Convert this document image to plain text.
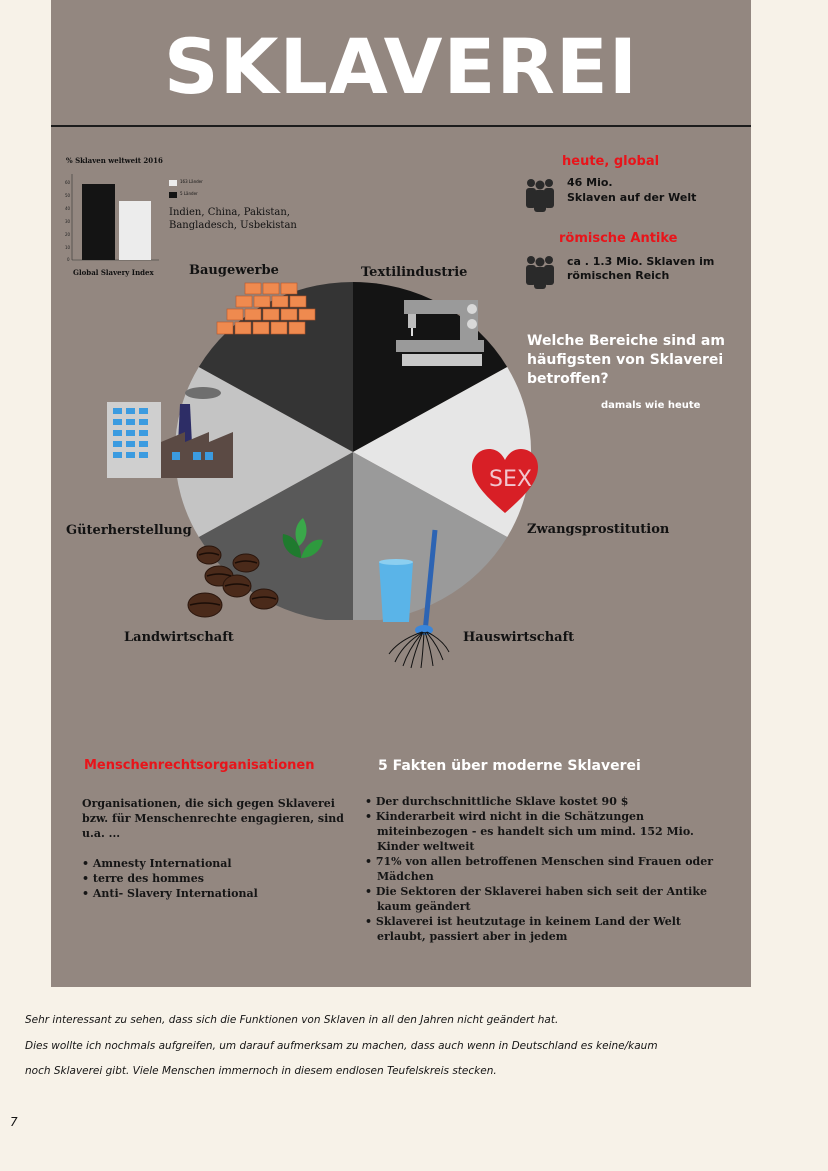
SKLAVEREI
% Sklaven weltweit 2016
0
10
20
30
40
50
60	163 Länder
5 Länder
Indien, China, Pakistan,
Bangladesch, Usbekistan
Global Slavery Index
heute, global
46 Mio.
Sklaven auf der Welt
römische Antike
ca . 1.3 Mio. Sklaven im
römischen Reich
Welche Bereiche sind am
häufigsten von Sklaverei
betroffen?
damals wie heute
SEX
Baugewerbe	Textilindustrie
Zwangsprostitution
Hauswirtschaft
Landwirtschaft
Güterherstellung
Menschenrechtsorganisationen
Organisationen, die sich gegen Sklaverei
bzw. für Menschenrechte engagieren, sind
u.a. ...
• Amnesty International
• terre des hommes
• Anti- Slavery International
5 Fakten über moderne Sklaverei
• Der durchschnittliche Sklave kostet 90 $
• Kinderarbeit wird nicht in die Schätzungen miteinbezogen - es handelt sich um mind. 152 Mio. Kinder weltweit
• 71% von allen betroffenen Menschen sind Frauen oder Mädchen
• Die Sektoren der Sklaverei haben sich seit der Antike kaum geändert
• Sklaverei ist heutzutage in keinem Land der Welt erlaubt, passiert aber in jedem
Sehr interessant zu sehen, dass sich die Funktionen von Sklaven in all den Jahren nicht geändert hat.
Dies wollte ich nochmals aufgreifen, um darauf aufmerksam zu machen, dass auch wenn in Deutschland es keine/kaum
noch Sklaverei gibt. Viele Menschen immernoch in diesem endlosen Teufelskreis stecken.
7
